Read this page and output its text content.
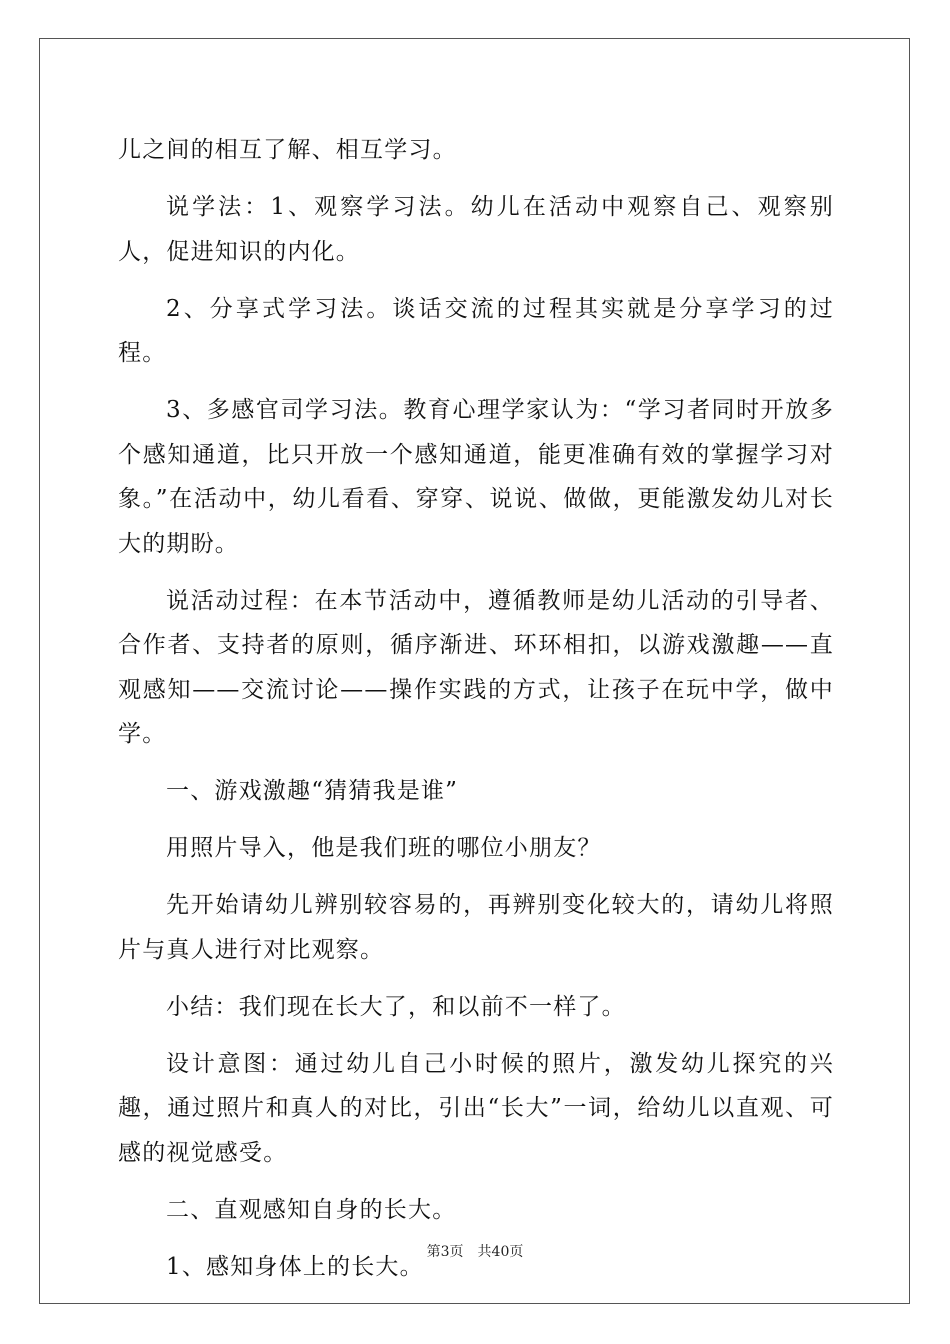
儿之间的相互了解、相互学习。

说学法：1、观察学习法。幼儿在活动中观察自己、观察别人，促进知识的内化。

2、分享式学习法。谈话交流的过程其实就是分享学习的过程。

3、多感官司学习法。教育心理学家认为：“学习者同时开放多个感知通道，比只开放一个感知通道，能更准确有效的掌握学习对象。”在活动中，幼儿看看、穿穿、说说、做做，更能激发幼儿对长大的期盼。

说活动过程：在本节活动中，遵循教师是幼儿活动的引导者、合作者、支持者的原则，循序渐进、环环相扣，以游戏激趣——直观感知——交流讨论——操作实践的方式，让孩子在玩中学，做中学。

一、游戏激趣“猜猜我是谁”

用照片导入，他是我们班的哪位小朋友？

先开始请幼儿辨别较容易的，再辨别变化较大的，请幼儿将照片与真人进行对比观察。

小结：我们现在长大了，和以前不一样了。

设计意图：通过幼儿自己小时候的照片，激发幼儿探究的兴趣，通过照片和真人的对比，引出“长大”一词，给幼儿以直观、可感的视觉感受。

二、直观感知自身的长大。

1、感知身体上的长大。

第3页 共40页
